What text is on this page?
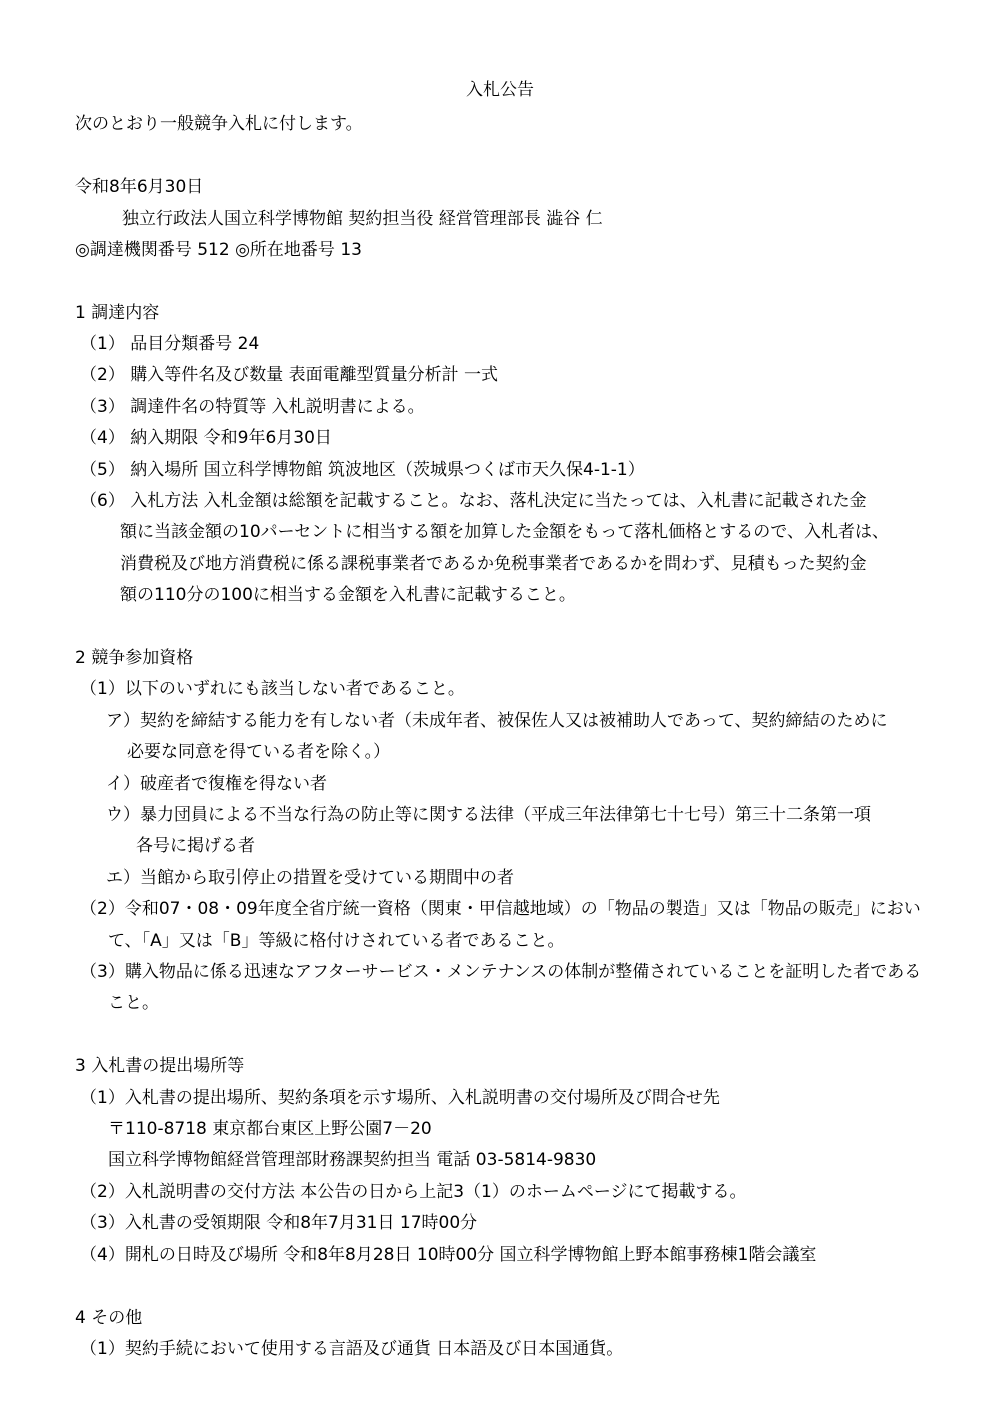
入札公告
次のとおり一般競争入札に付します。
令和8年6月30日
独立行政法人国立科学博物館 契約担当役 経営管理部長 澁谷 仁
◎調達機関番号 512 ◎所在地番号 13
1 調達内容
（1） 品目分類番号 24
（2） 購入等件名及び数量 表面電離型質量分析計 一式
（3） 調達件名の特質等 入札説明書による。
（4） 納入期限 令和9年6月30日
（5） 納入場所 国立科学博物館 筑波地区（茨城県つくば市天久保4-1-1）
（6） 入札方法 入札金額は総額を記載すること。なお、落札決定に当たっては、入札書に記載された金
額に当該金額の10パーセントに相当する額を加算した金額をもって落札価格とするので、入札者は、
消費税及び地方消費税に係る課税事業者であるか免税事業者であるかを問わず、見積もった契約金
額の110分の100に相当する金額を入札書に記載すること。
2 競争参加資格
（1）以下のいずれにも該当しない者であること。
ア）契約を締結する能力を有しない者（未成年者、被保佐人又は被補助人であって、契約締結のために
必要な同意を得ている者を除く。）
イ）破産者で復権を得ない者
ウ）暴力団員による不当な行為の防止等に関する法律（平成三年法律第七十七号）第三十二条第一項
各号に掲げる者
エ）当館から取引停止の措置を受けている期間中の者
（2）令和07・08・09年度全省庁統一資格（関東・甲信越地域）の「物品の製造」又は「物品の販売」におい
て、「A」又は「B」等級に格付けされている者であること。
（3）購入物品に係る迅速なアフターサービス・メンテナンスの体制が整備されていることを証明した者である
こと。
3 入札書の提出場所等
（1）入札書の提出場所、契約条項を示す場所、入札説明書の交付場所及び問合せ先
〒110-8718 東京都台東区上野公園7－20
国立科学博物館経営管理部財務課契約担当 電話 03-5814-9830
（2）入札説明書の交付方法 本公告の日から上記3（1）のホームページにて掲載する。
（3）入札書の受領期限 令和8年7月31日 17時00分
（4）開札の日時及び場所 令和8年8月28日 10時00分 国立科学博物館上野本館事務棟1階会議室
4 その他
（1）契約手続において使用する言語及び通貨 日本語及び日本国通貨。
